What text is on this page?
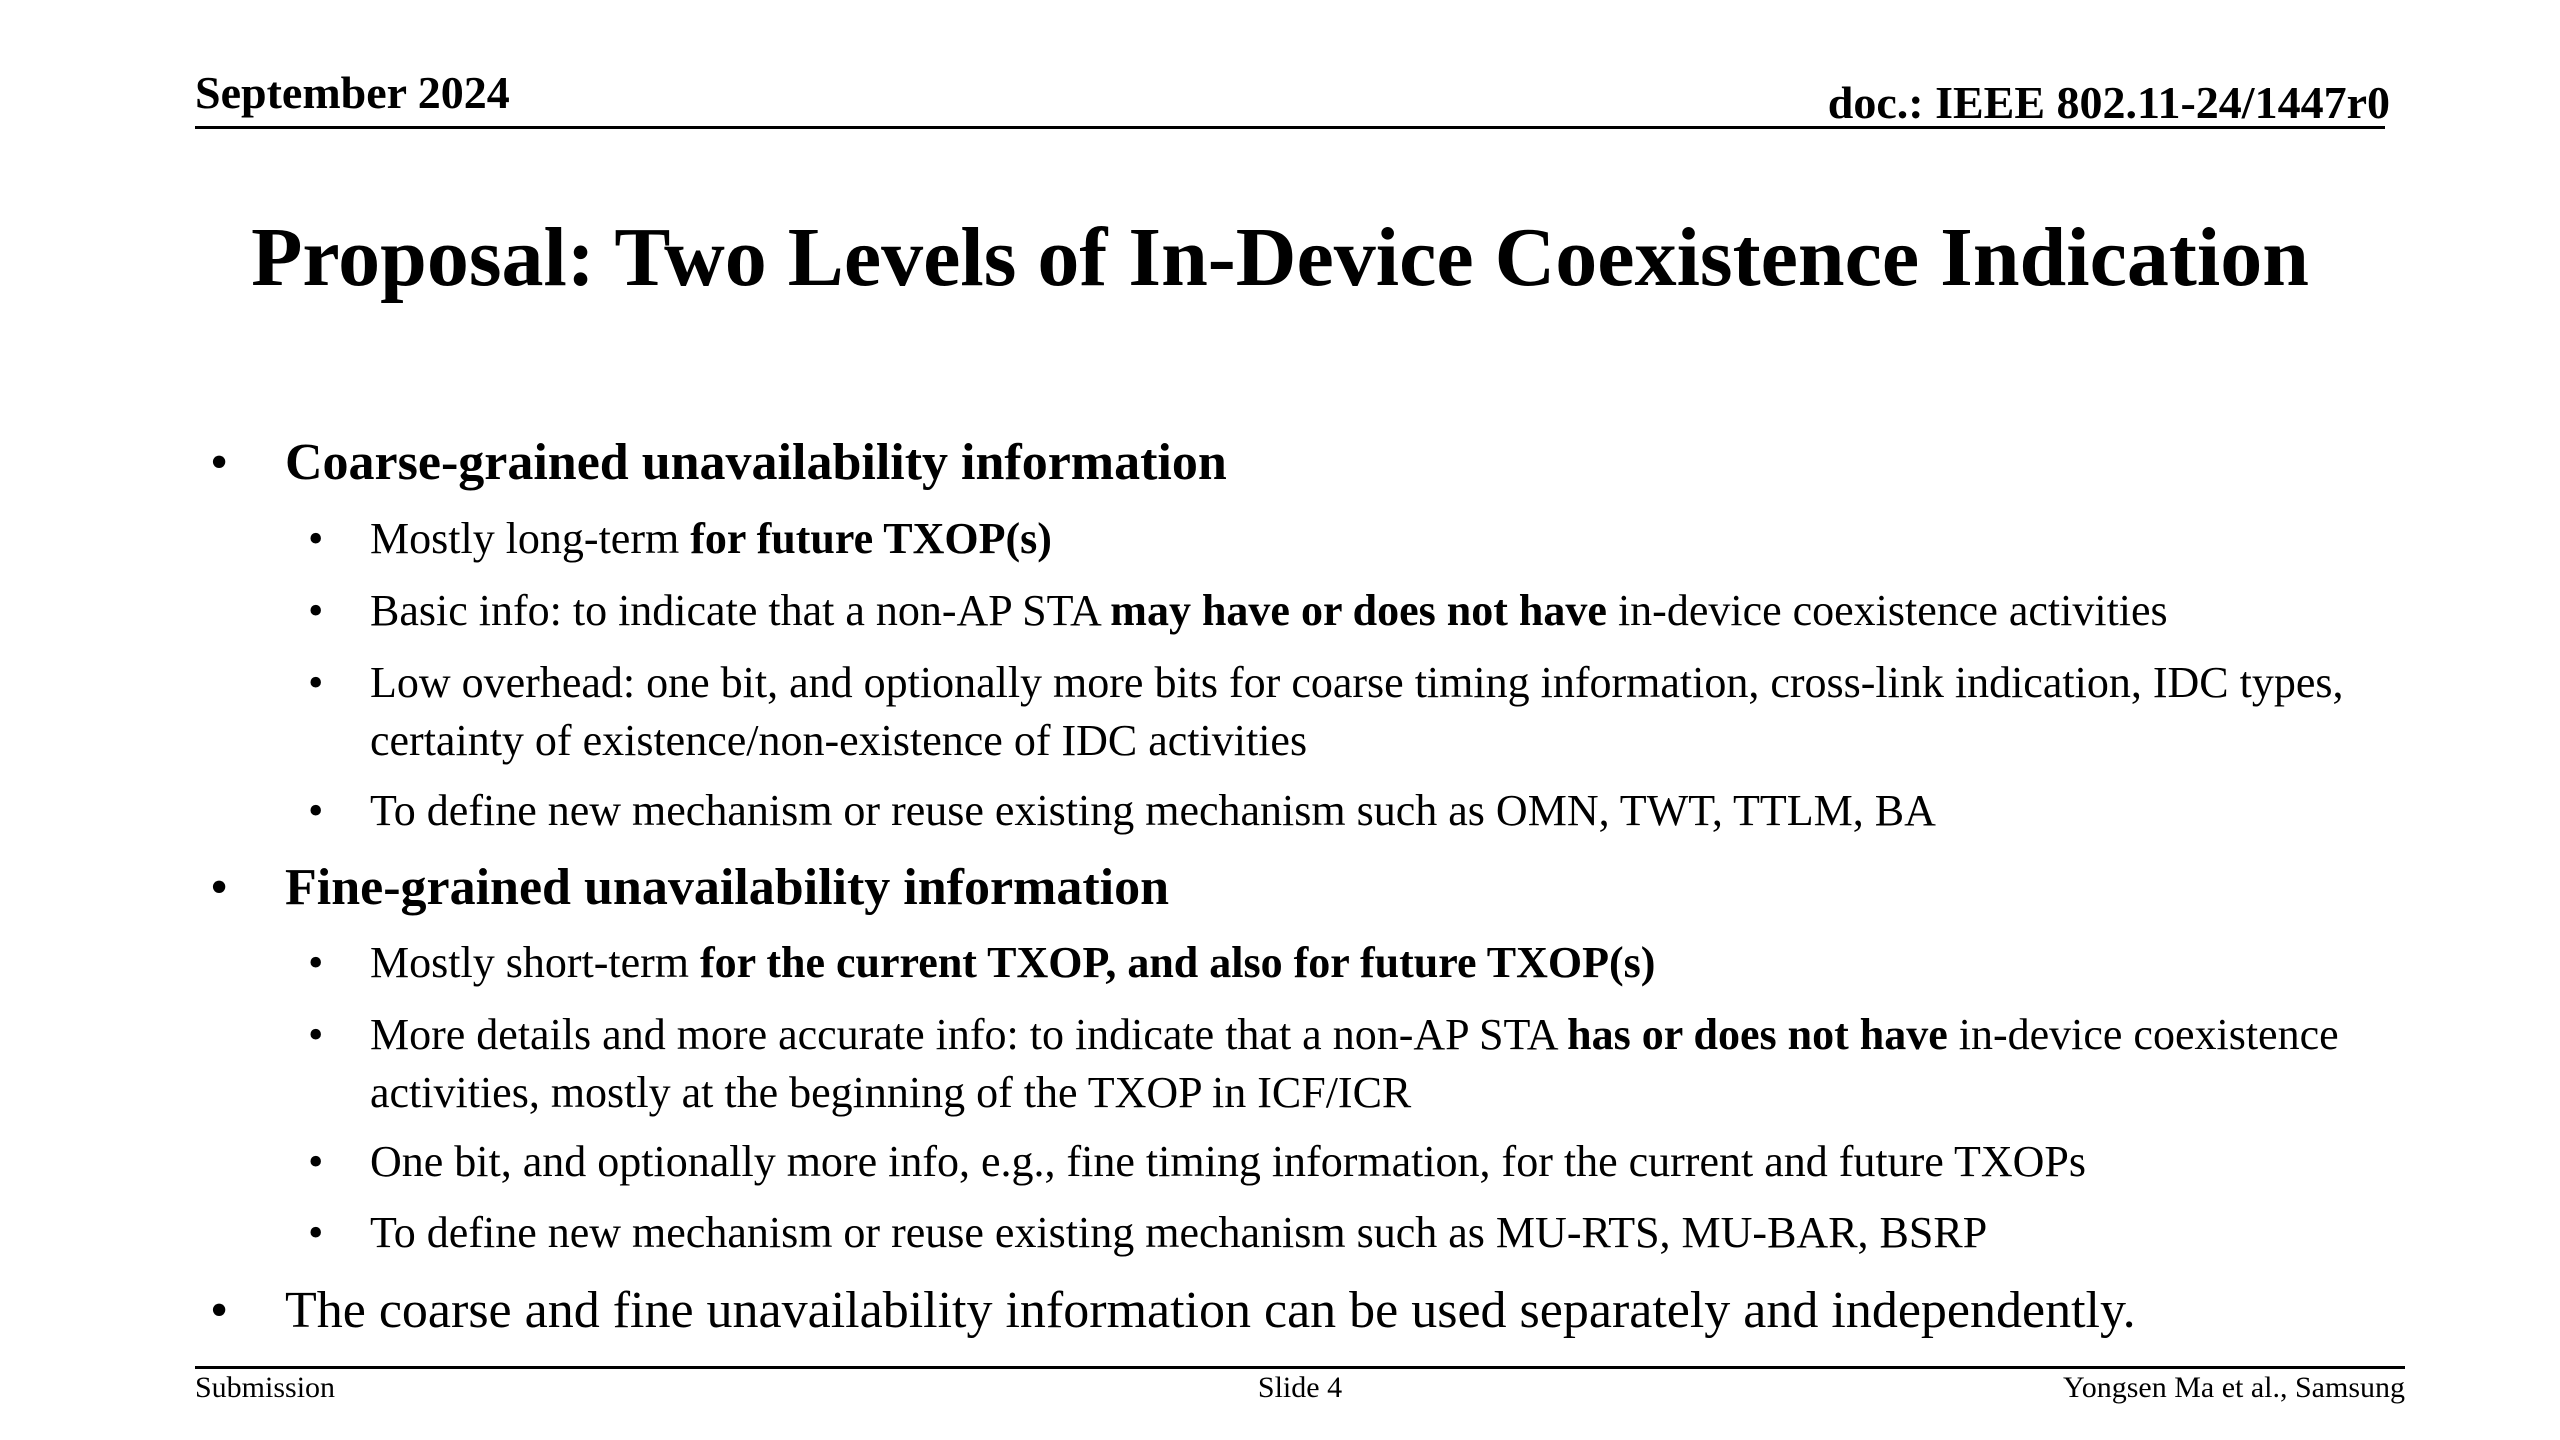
September 2024	doc.: IEEE 802.11-24/1447r0
Proposal: Two Levels of In-Device Coexistence Indication
• Coarse-grained unavailability information
• Mostly long-term for future TXOP(s)
• Basic info: to indicate that a non-AP STA may have or does not have in-device coexistence activities
• Low overhead: one bit, and optionally more bits for coarse timing information, cross-link indication, IDC types, certainty of existence/non-existence of IDC activities
• To define new mechanism or reuse existing mechanism such as OMN, TWT, TTLM, BA
• Fine-grained unavailability information
• Mostly short-term for the current TXOP, and also for future TXOP(s)
• More details and more accurate info: to indicate that a non-AP STA has or does not have in-device coexistence activities, mostly at the beginning of the TXOP in ICF/ICR
• One bit, and optionally more info, e.g., fine timing information, for the current and future TXOPs
• To define new mechanism or reuse existing mechanism such as MU-RTS, MU-BAR, BSRP
• The coarse and fine unavailability information can be used separately and independently.
Submission	Slide 4	Yongsen Ma et al., Samsung
